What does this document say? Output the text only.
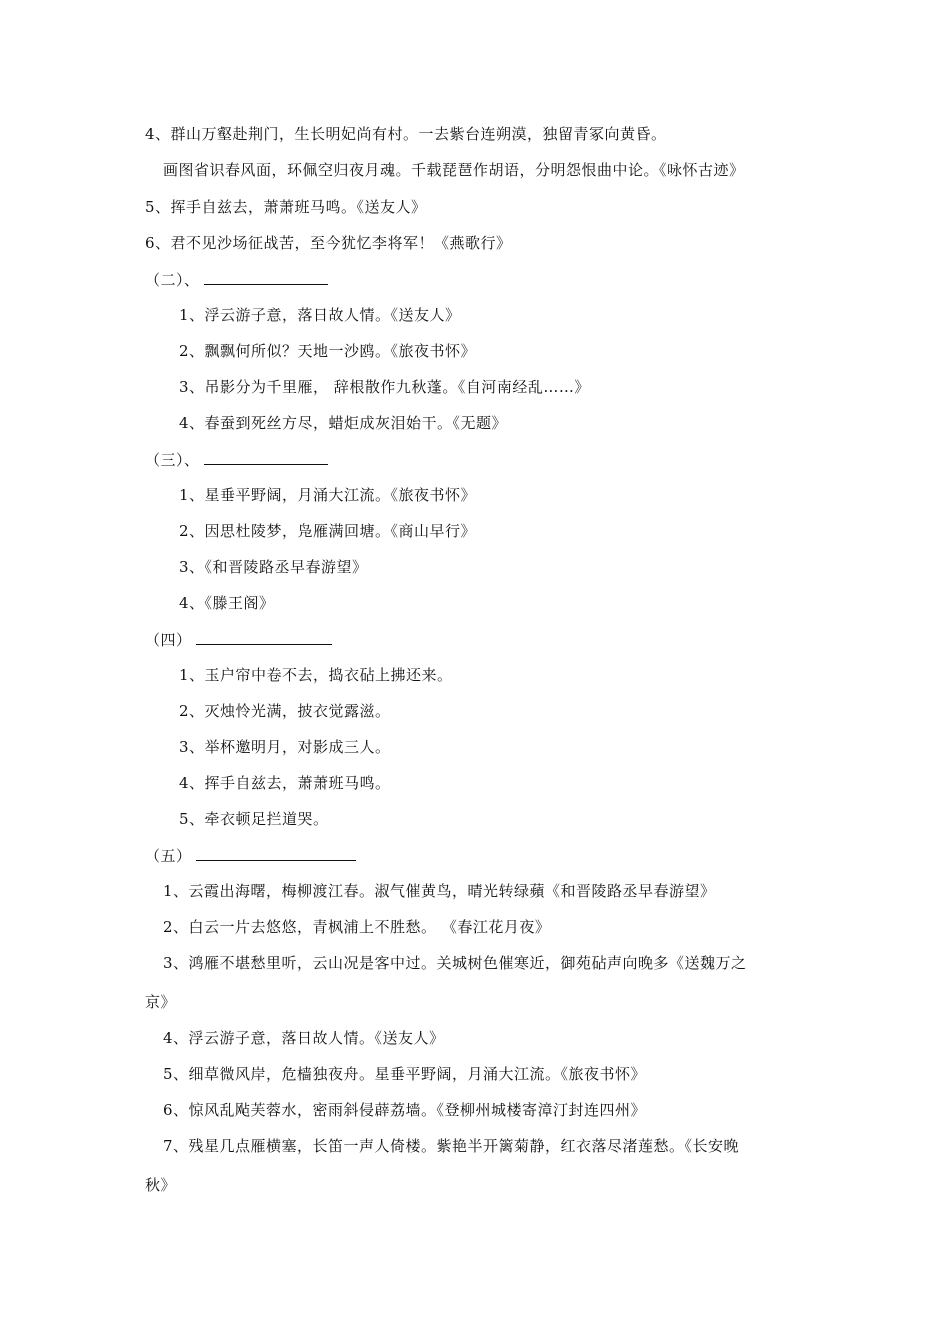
4、群山万壑赴荆门，生长明妃尚有村。一去紫台连朔漠，独留青冢向黄昏。
画图省识春风面，环佩空归夜月魂。千载琵琶作胡语，分明怨恨曲中论。《咏怀古迹》
5、挥手自兹去，萧萧班马鸣。《送友人》
6、君不见沙场征战苦，至今犹忆李将军！《燕歌行》
（二）、
1、浮云游子意，落日故人情。《送友人》
2、飘飘何所似？天地一沙鸥。《旅夜书怀》
3、吊影分为千里雁， 辞根散作九秋蓬。《自河南经乱……》
4、春蚕到死丝方尽，蜡炬成灰泪始干。《无题》
（三）、
1、星垂平野阔，月涌大江流。《旅夜书怀》
2、因思杜陵梦，凫雁满回塘。《商山早行》
3、《和晋陵路丞早春游望》
4、《滕王阁》
（四）
1、玉户帘中卷不去，捣衣砧上拂还来。
2、灭烛怜光满，披衣觉露滋。
3、举杯邀明月，对影成三人。
4、挥手自兹去，萧萧班马鸣。
5、牵衣顿足拦道哭。
（五）
1、云霞出海曙，梅柳渡江春。淑气催黄鸟，晴光转绿蘋《和晋陵路丞早春游望》
2、白云一片去悠悠，青枫浦上不胜愁。 《春江花月夜》
3、鸿雁不堪愁里听，云山况是客中过。关城树色催寒近，御苑砧声向晚多《送魏万之
京》
4、浮云游子意，落日故人情。《送友人》
5、细草微风岸，危樯独夜舟。星垂平野阔，月涌大江流。《旅夜书怀》
6、惊风乱飐芙蓉水，密雨斜侵薜荔墙。《登柳州城楼寄漳汀封连四州》
7、残星几点雁横塞，长笛一声人倚楼。紫艳半开篱菊静，红衣落尽渚莲愁。《长安晚
秋》
